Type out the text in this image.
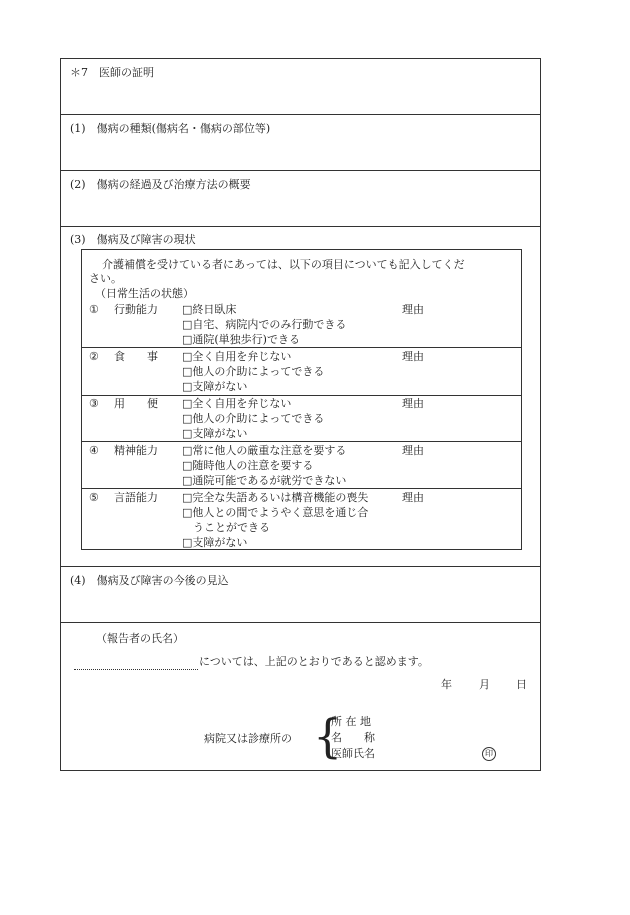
＊7　医師の証明
(1)　傷病の種類(傷病名・傷病の部位等)
(2)　傷病の経過及び治療方法の概要
(3)　傷病及び障害の現状
(4)　傷病及び障害の今後の見込
介護補償を受けている者にあっては、以下の項目についても記入してくだ
さい。
（日常生活の状態）
① 行動能力 □終日臥床
□自宅、病院内でのみ行動できる
□通院(単独歩行)できる
理由
② 食　　事 □全く自用を弁じない
□他人の介助によってできる
□支障がない
理由
③ 用　　便 □全く自用を弁じない
□他人の介助によってできる
□支障がない
理由
④ 精神能力 □常に他人の厳重な注意を要する
□随時他人の注意を要する
□通院可能であるが就労できない
理由
⑤ 言語能力 □完全な失語あるいは構音機能の喪失
□他人との間でようやく意思を通じ合
うことができる
□支障がない
理由
（報告者の氏名）
については、上記のとおりであると認めます。
年 月 日
病院又は診療所の {
所 在 地
名　　称
医師氏名	印
